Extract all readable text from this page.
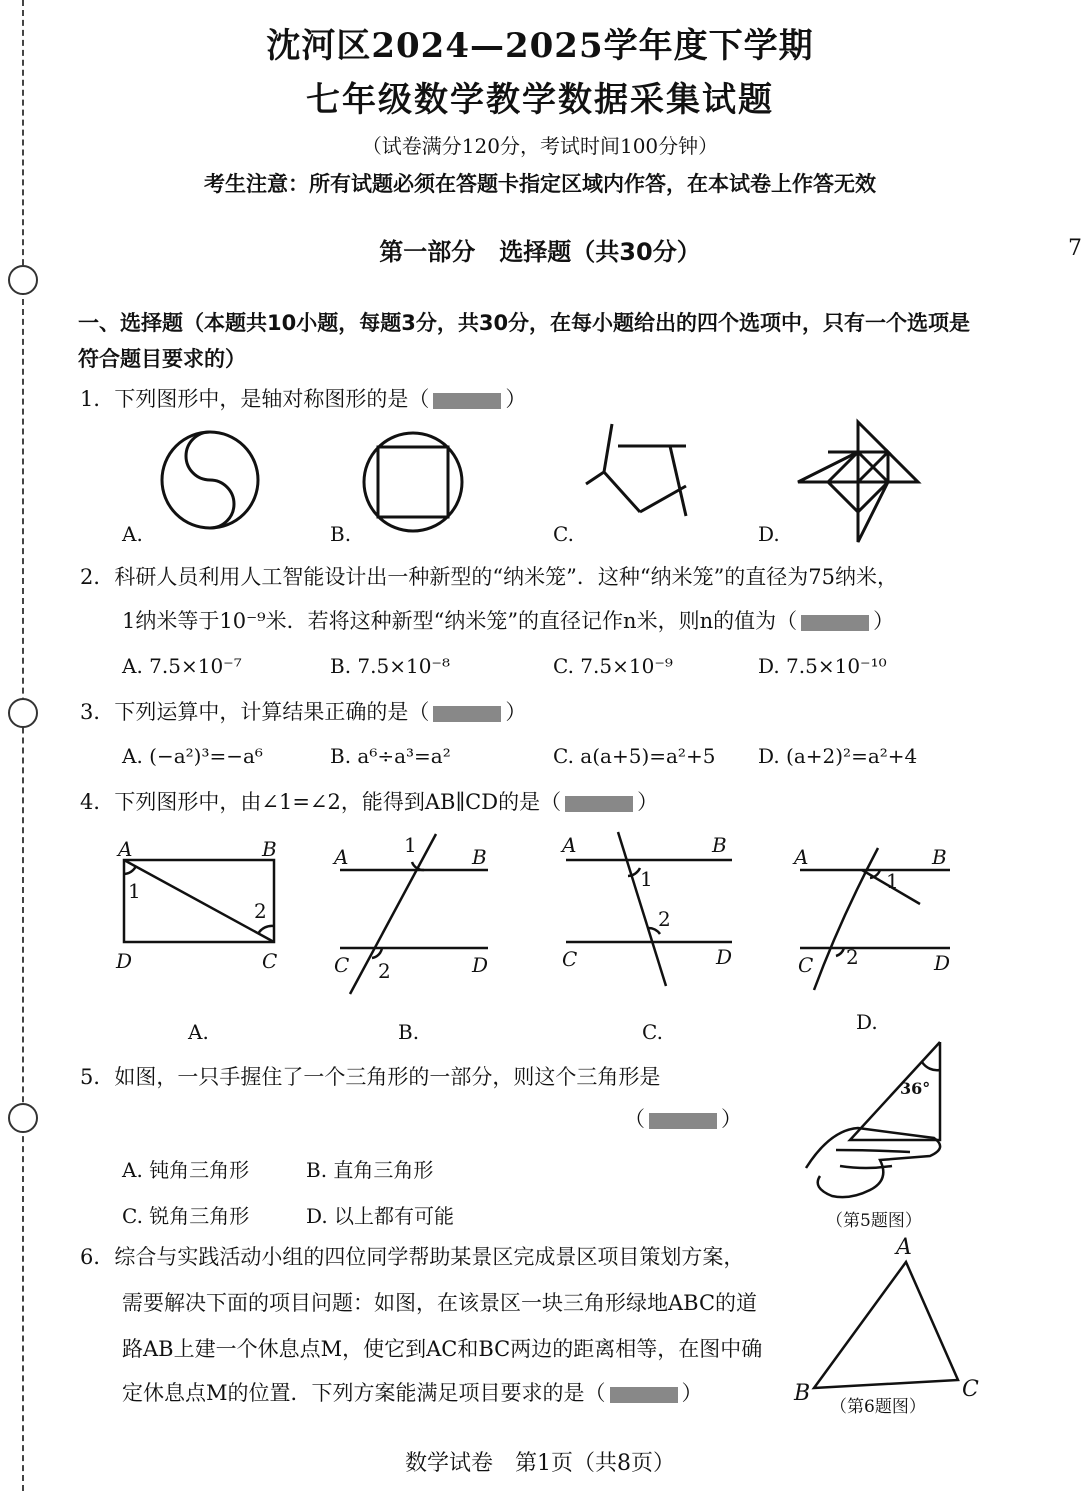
7
沈河区2024—2025学年度下学期
七年级数学教学数据采集试题
（试卷满分120分，考试时间100分钟）
考生注意：所有试题必须在答题卡指定区域内作答，在本试卷上作答无效
第一部分　选择题（共30分）
一、选择题（本题共10小题，每题3分，共30分，在每小题给出的四个选项中，只有一个选项是符合题目要求的）
1．下列图形中，是轴对称图形的是（	）
A.	B.	C.	D.
A	B
D	C
1
2
A	B
C	D
1
2
A	B
C	D
1
2
A	B
C	D
1
2
36°
A
B	C
2．科研人员利用人工智能设计出一种新型的“纳米笼”．这种“纳米笼”的直径为75纳米，
1纳米等于10⁻⁹米．若将这种新型“纳米笼”的直径记作n米，则n的值为（	）
A. 7.5×10⁻⁷	B. 7.5×10⁻⁸	C. 7.5×10⁻⁹	D. 7.5×10⁻¹⁰
3．下列运算中，计算结果正确的是（	）
A. (−a²)³=−a⁶	B. a⁶÷a³=a²	C. a(a+5)=a²+5 D. (a+2)²=a²+4
4．下列图形中，由∠1=∠2，能得到AB∥CD的是（	）
A.	B.	C.	D.
5．如图，一只手握住了一个三角形的一部分，则这个三角形是
（	）
A. 钝角三角形	B. 直角三角形
C. 锐角三角形	D. 以上都有可能	（第5题图）
6．综合与实践活动小组的四位同学帮助某景区完成景区项目策划方案，
需要解决下面的项目问题：如图，在该景区一块三角形绿地ABC的道
路AB上建一个休息点M，使它到AC和BC两边的距离相等，在图中确
定休息点M的位置．下列方案能满足项目要求的是（	）
（第6题图）
数学试卷　第1页（共8页）
